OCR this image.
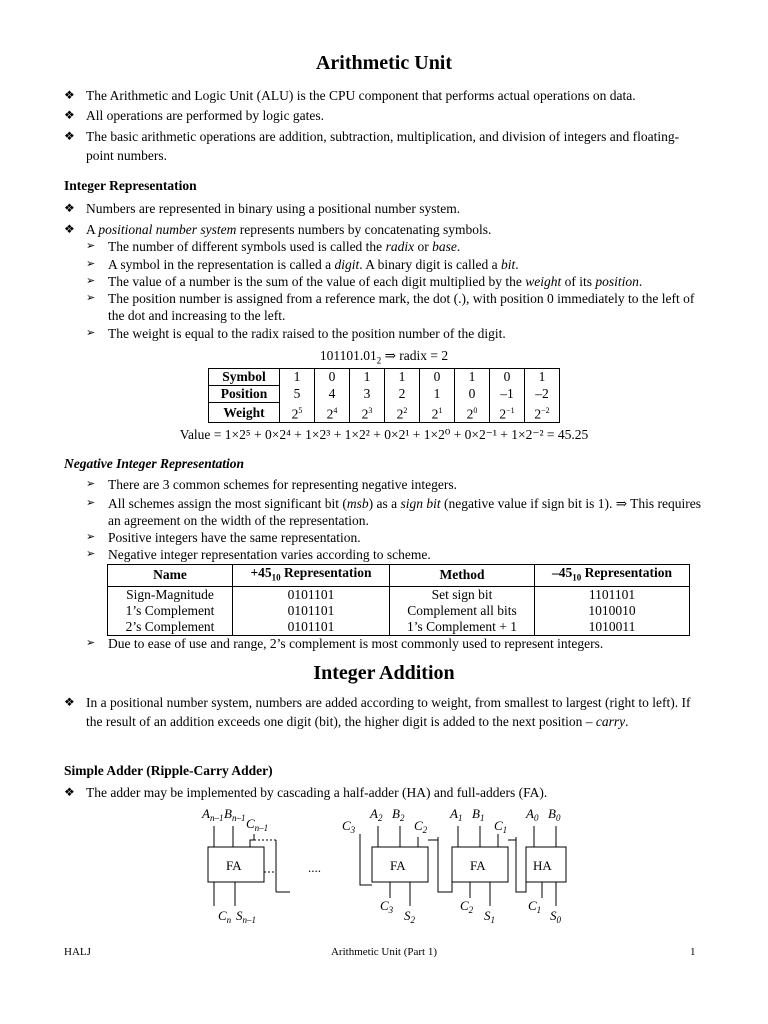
Arithmetic Unit
❖ The Arithmetic and Logic Unit (ALU) is the CPU component that performs actual operations on data.
❖ All operations are performed by logic gates.
❖ The basic arithmetic operations are addition, subtraction, multiplication, and division of integers and floating-point numbers.
Integer Representation
❖ Numbers are represented in binary using a positional number system.
❖ A positional number system represents numbers by concatenating symbols.
➢ The number of different symbols used is called the radix or base.
➢ A symbol in the representation is called a digit. A binary digit is called a bit.
➢ The value of a number is the sum of the value of each digit multiplied by the weight of its position.
➢ The position number is assigned from a reference mark, the dot (.), with position 0 immediately to the left of the dot and increasing to the left.
➢ The weight is equal to the radix raised to the position number of the digit.
$101101.01_2$ ⇒ radix = 2
Symbol	1	0	1	1	0	1	0	1
Position	5	4	3	2	1	0	–1	–2
Weight	$2^5$	$2^4$	$2^3$	$2^2$	$2^1$	$2^0$	$2^{-1}$	$2^{-2}$
Value = 1×2⁵ + 0×2⁴ + 1×2³ + 1×2² + 0×2¹ + 1×2⁰ + 0×2⁻¹ + 1×2⁻² = 45.25
Negative Integer Representation
➢ There are 3 common schemes for representing negative integers.
➢ All schemes assign the most significant bit (msb) as a sign bit (negative value if sign bit is 1). ⇒ This requires an agreement on the width of the representation.
➢ Positive integers have the same representation.
➢ Negative integer representation varies according to scheme.
Name	$+45_{10}$ Representation	Method	$-45_{10}$ Representation
Sign-Magnitude	0101101	Set sign bit	1101101
1’s Complement	0101101	Complement all bits	1010010
2’s Complement	0101101	1’s Complement + 1	1010011
➢ Due to ease of use and range, 2’s complement is most commonly used to represent integers.
Integer Addition
❖ In a positional number system, numbers are added according to weight, from smallest to largest (right to left). If the result of an addition exceeds one digit (bit), the higher digit is added to the next position – carry.
Simple Adder (Ripple-Carry Adder)
❖ The adder may be implemented by cascading a half-adder (HA) and full-adders (FA).
FA	FA	FA	HA
....
$A_{n-1}$ $B_{n-1}$ $C_{n-1}$
$C_n$ $S_{n-1}$
$C_3$
$A_2$ $B_2$ $C_2$
$C_3$ $S_2$
$A_1$ $B_1$ $C_1$
$C_2$ $S_1$
$A_0$ $B_0$
$C_1$ $S_0$
HALJ	Arithmetic Unit (Part 1)	1
